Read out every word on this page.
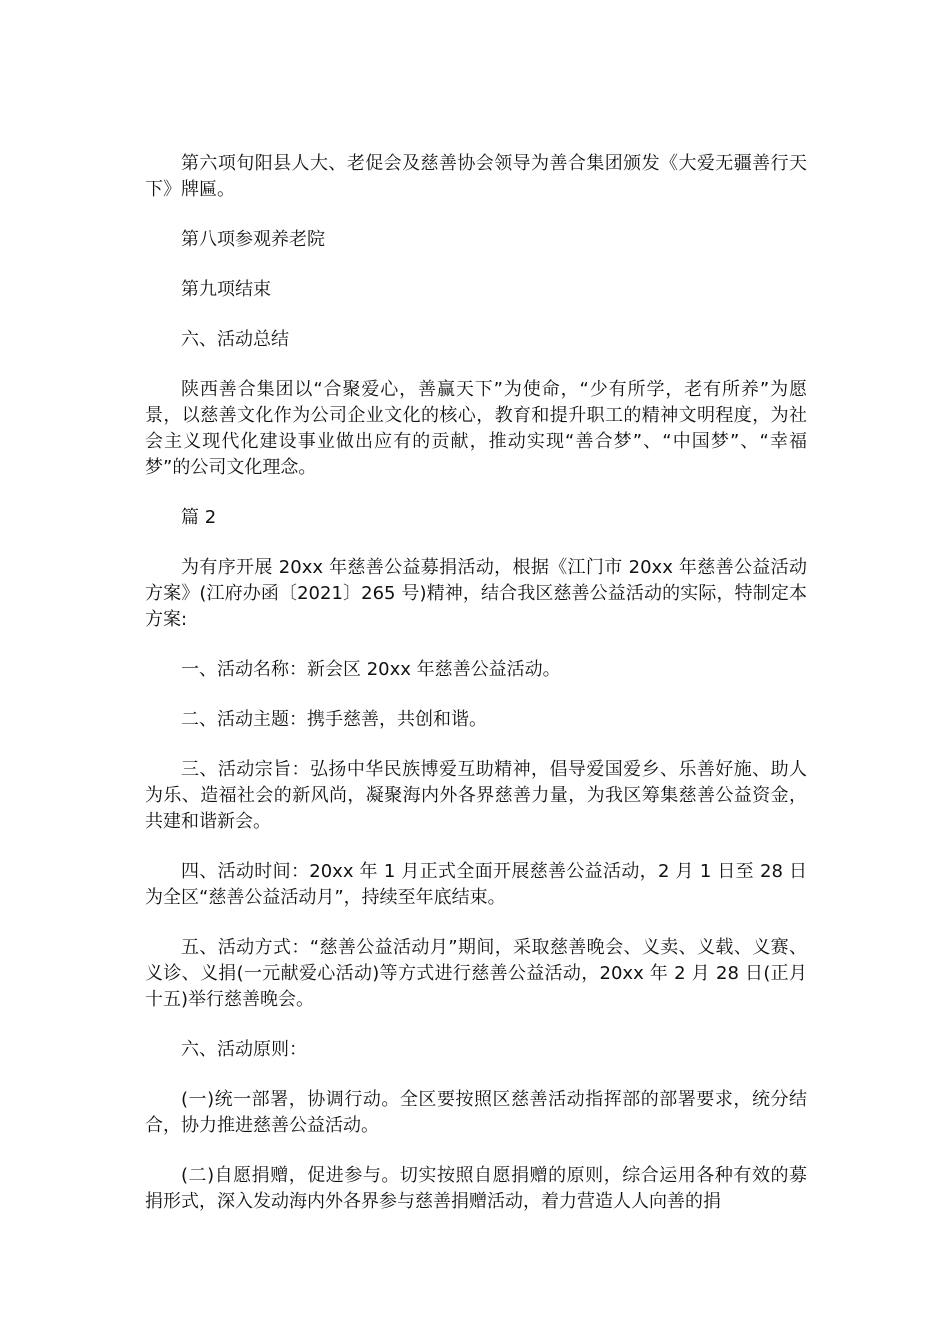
第六项旬阳县人大、老促会及慈善协会领导为善合集团颁发《大爱无疆善行天下》牌匾。

第八项参观养老院

第九项结束

六、活动总结

陕西善合集团以“合聚爱心，善赢天下”为使命，“少有所学，老有所养”为愿景，以慈善文化作为公司企业文化的核心，教育和提升职工的精神文明程度，为社会主义现代化建设事业做出应有的贡献，推动实现“善合梦”、“中国梦”、“幸福梦”的公司文化理念。

篇 2

为有序开展 20xx 年慈善公益募捐活动，根据《江门市 20xx 年慈善公益活动方案》(江府办函〔2021〕265 号)精神，结合我区慈善公益活动的实际，特制定本方案:

一、活动名称：新会区 20xx 年慈善公益活动。

二、活动主题：携手慈善，共创和谐。

三、活动宗旨：弘扬中华民族博爱互助精神，倡导爱国爱乡、乐善好施、助人为乐、造福社会的新风尚，凝聚海内外各界慈善力量，为我区筹集慈善公益资金，共建和谐新会。

四、活动时间：20xx 年 1 月正式全面开展慈善公益活动，2 月 1 日至 28 日为全区“慈善公益活动月”，持续至年底结束。

五、活动方式：“慈善公益活动月”期间，采取慈善晚会、义卖、义载、义赛、义诊、义捐(一元献爱心活动)等方式进行慈善公益活动，20xx 年 2 月 28 日(正月十五)举行慈善晚会。

六、活动原则：

(一)统一部署，协调行动。全区要按照区慈善活动指挥部的部署要求，统分结合，协力推进慈善公益活动。

(二)自愿捐赠，促进参与。切实按照自愿捐赠的原则，综合运用各种有效的募捐形式，深入发动海内外各界参与慈善捐赠活动，着力营造人人向善的捐
